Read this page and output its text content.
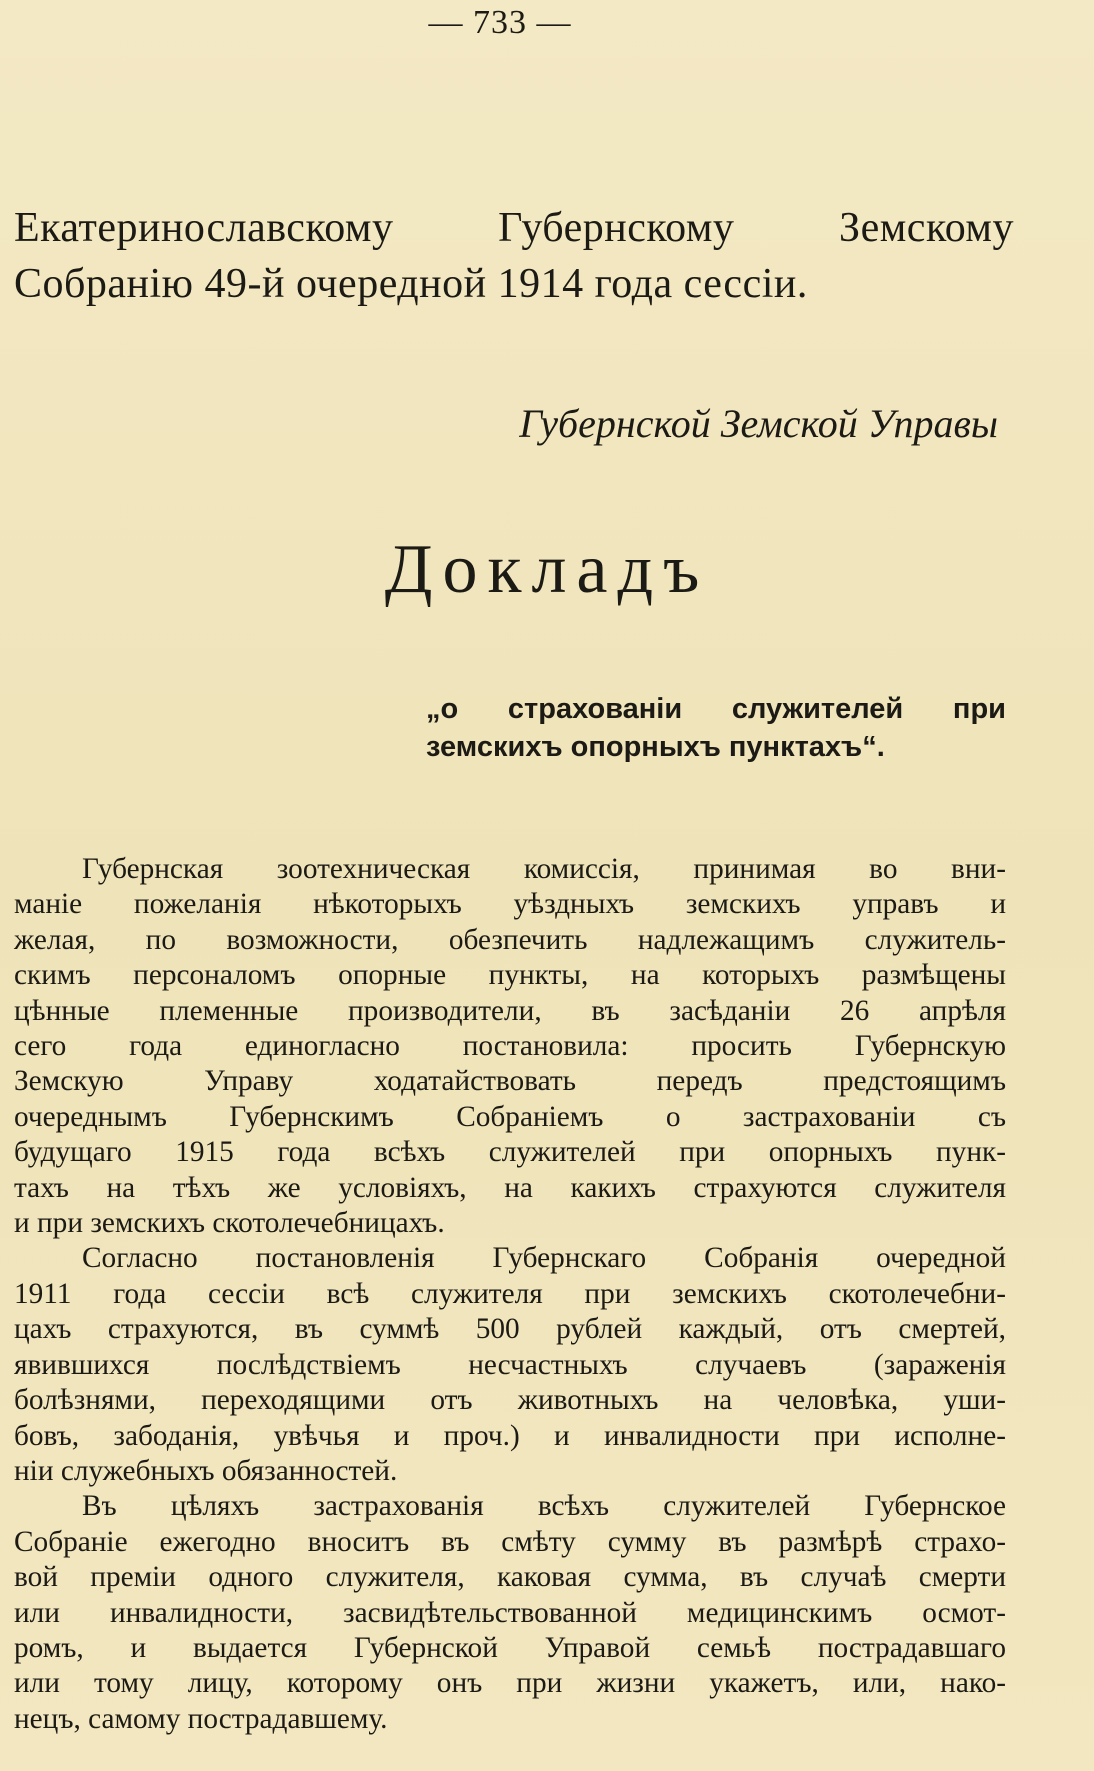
— 733 —
Екатеринославскому Губернскому Земскому
Собранію 49-й очередной 1914 года сессіи.
Губернской Земской Управы
Докладъ

„о страхованіи служителей при
земскихъ опорныхъ пунктахъ“.

Губернская зоотехническая комиссія, принимая во вни-
маніе пожеланія нѣкоторыхъ уѣздныхъ земскихъ управъ и
желая, по возможности, обезпечить надлежащимъ служитель-
скимъ персоналомъ опорные пункты, на которыхъ размѣщены
цѣнные племенные производители, въ засѣданіи 26 апрѣля
сего года единогласно постановила: просить Губернскую
Земскую Управу ходатайствовать передъ предстоящимъ
очереднымъ Губернскимъ Собраніемъ о застрахованіи съ
будущаго 1915 года всѣхъ служителей при опорныхъ пунк-
тахъ на тѣхъ же условіяхъ, на какихъ страхуются служителя
и при земскихъ скотолечебницахъ.

Согласно постановленія Губернскаго Собранія очередной
1911 года сессіи всѣ служителя при земскихъ скотолечебни-
цахъ страхуются, въ суммѣ 500 рублей каждый, отъ смертей,
явившихся послѣдствіемъ несчастныхъ случаевъ (зараженія
болѣзнями, переходящими отъ животныхъ на человѣка, уши-
бовъ, забоданія, увѣчья и проч.) и инвалидности при исполне-
ніи служебныхъ обязанностей.

Въ цѣляхъ застрахованія всѣхъ служителей Губернское
Собраніе ежегодно вноситъ въ смѣту сумму въ размѣрѣ страхо-
вой преміи одного служителя, каковая сумма, въ случаѣ смерти
или инвалидности, засвидѣтельствованной медицинскимъ осмот-
ромъ, и выдается Губернской Управой семьѣ пострадавшаго
или тому лицу, которому онъ при жизни укажетъ, или, нако-
нецъ, самому пострадавшему.
